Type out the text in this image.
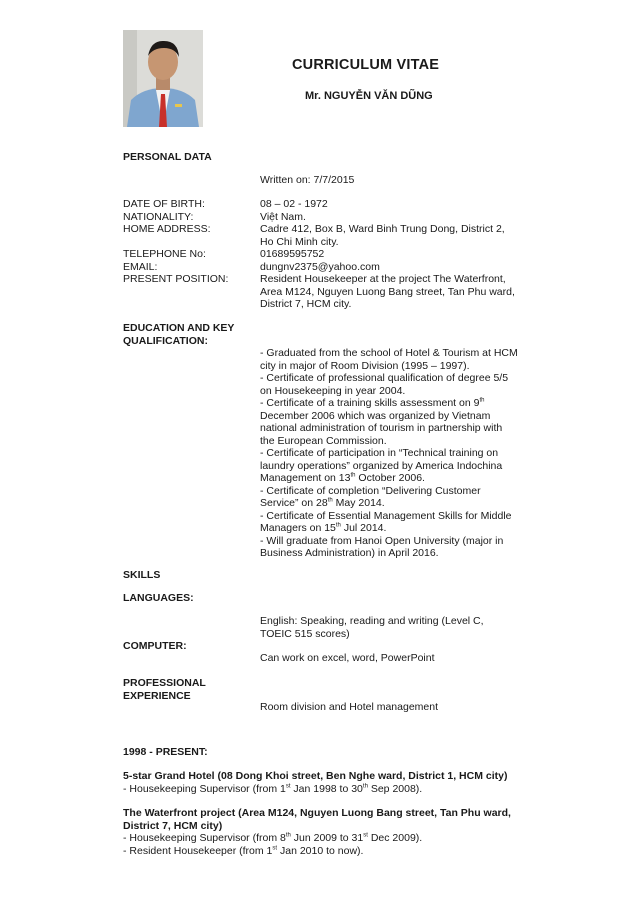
CURRICULUM VITAE
Mr. NGUYỄN VĂN DŨNG
PERSONAL DATA
Written on: 7/7/2015
DATE OF BIRTH:	08 – 02 - 1972
NATIONALITY:	Việt Nam.
HOME ADDRESS:	Cadre 412, Box B, Ward Binh Trung Dong, District 2, Ho Chi Minh city.
TELEPHONE No:	01689595752
EMAIL:	dungnv2375@yahoo.com
PRESENT POSITION:	Resident Housekeeper at the project The Waterfront, Area M124, Nguyen Luong Bang street, Tan Phu ward, District 7, HCM city.
EDUCATION AND KEY QUALIFICATION:
- Graduated from the school of Hotel & Tourism at HCM city in major of Room Division (1995 – 1997).
- Certificate of professional qualification of degree 5/5 on Housekeeping in year 2004.
- Certificate of a training skills assessment on 9th December 2006 which was organized by Vietnam national administration of tourism in partnership with the European Commission.
- Certificate of participation in “Technical training on laundry operations” organized by America Indochina Management on 13th October 2006.
- Certificate of completion “Delivering Customer Service” on 28th May 2014.
- Certificate of Essential Management Skills for Middle Managers on 15th Jul 2014.
- Will graduate from Hanoi Open University (major in Business Administration) in April 2016.
SKILLS
LANGUAGES:
English: Speaking, reading and writing (Level C, TOEIC 515 scores)
COMPUTER:
Can work on excel, word, PowerPoint
PROFESSIONAL EXPERIENCE
Room division and Hotel management
1998 - PRESENT:
5-star Grand Hotel (08 Dong Khoi street, Ben Nghe ward, District 1, HCM city)
- Housekeeping Supervisor (from 1st Jan 1998 to 30th Sep 2008).
The Waterfront project (Area M124, Nguyen Luong Bang street, Tan Phu ward, District 7, HCM city)
- Housekeeping Supervisor (from 8th Jun 2009 to 31st Dec 2009).
- Resident Housekeeper (from 1st Jan 2010 to now).
